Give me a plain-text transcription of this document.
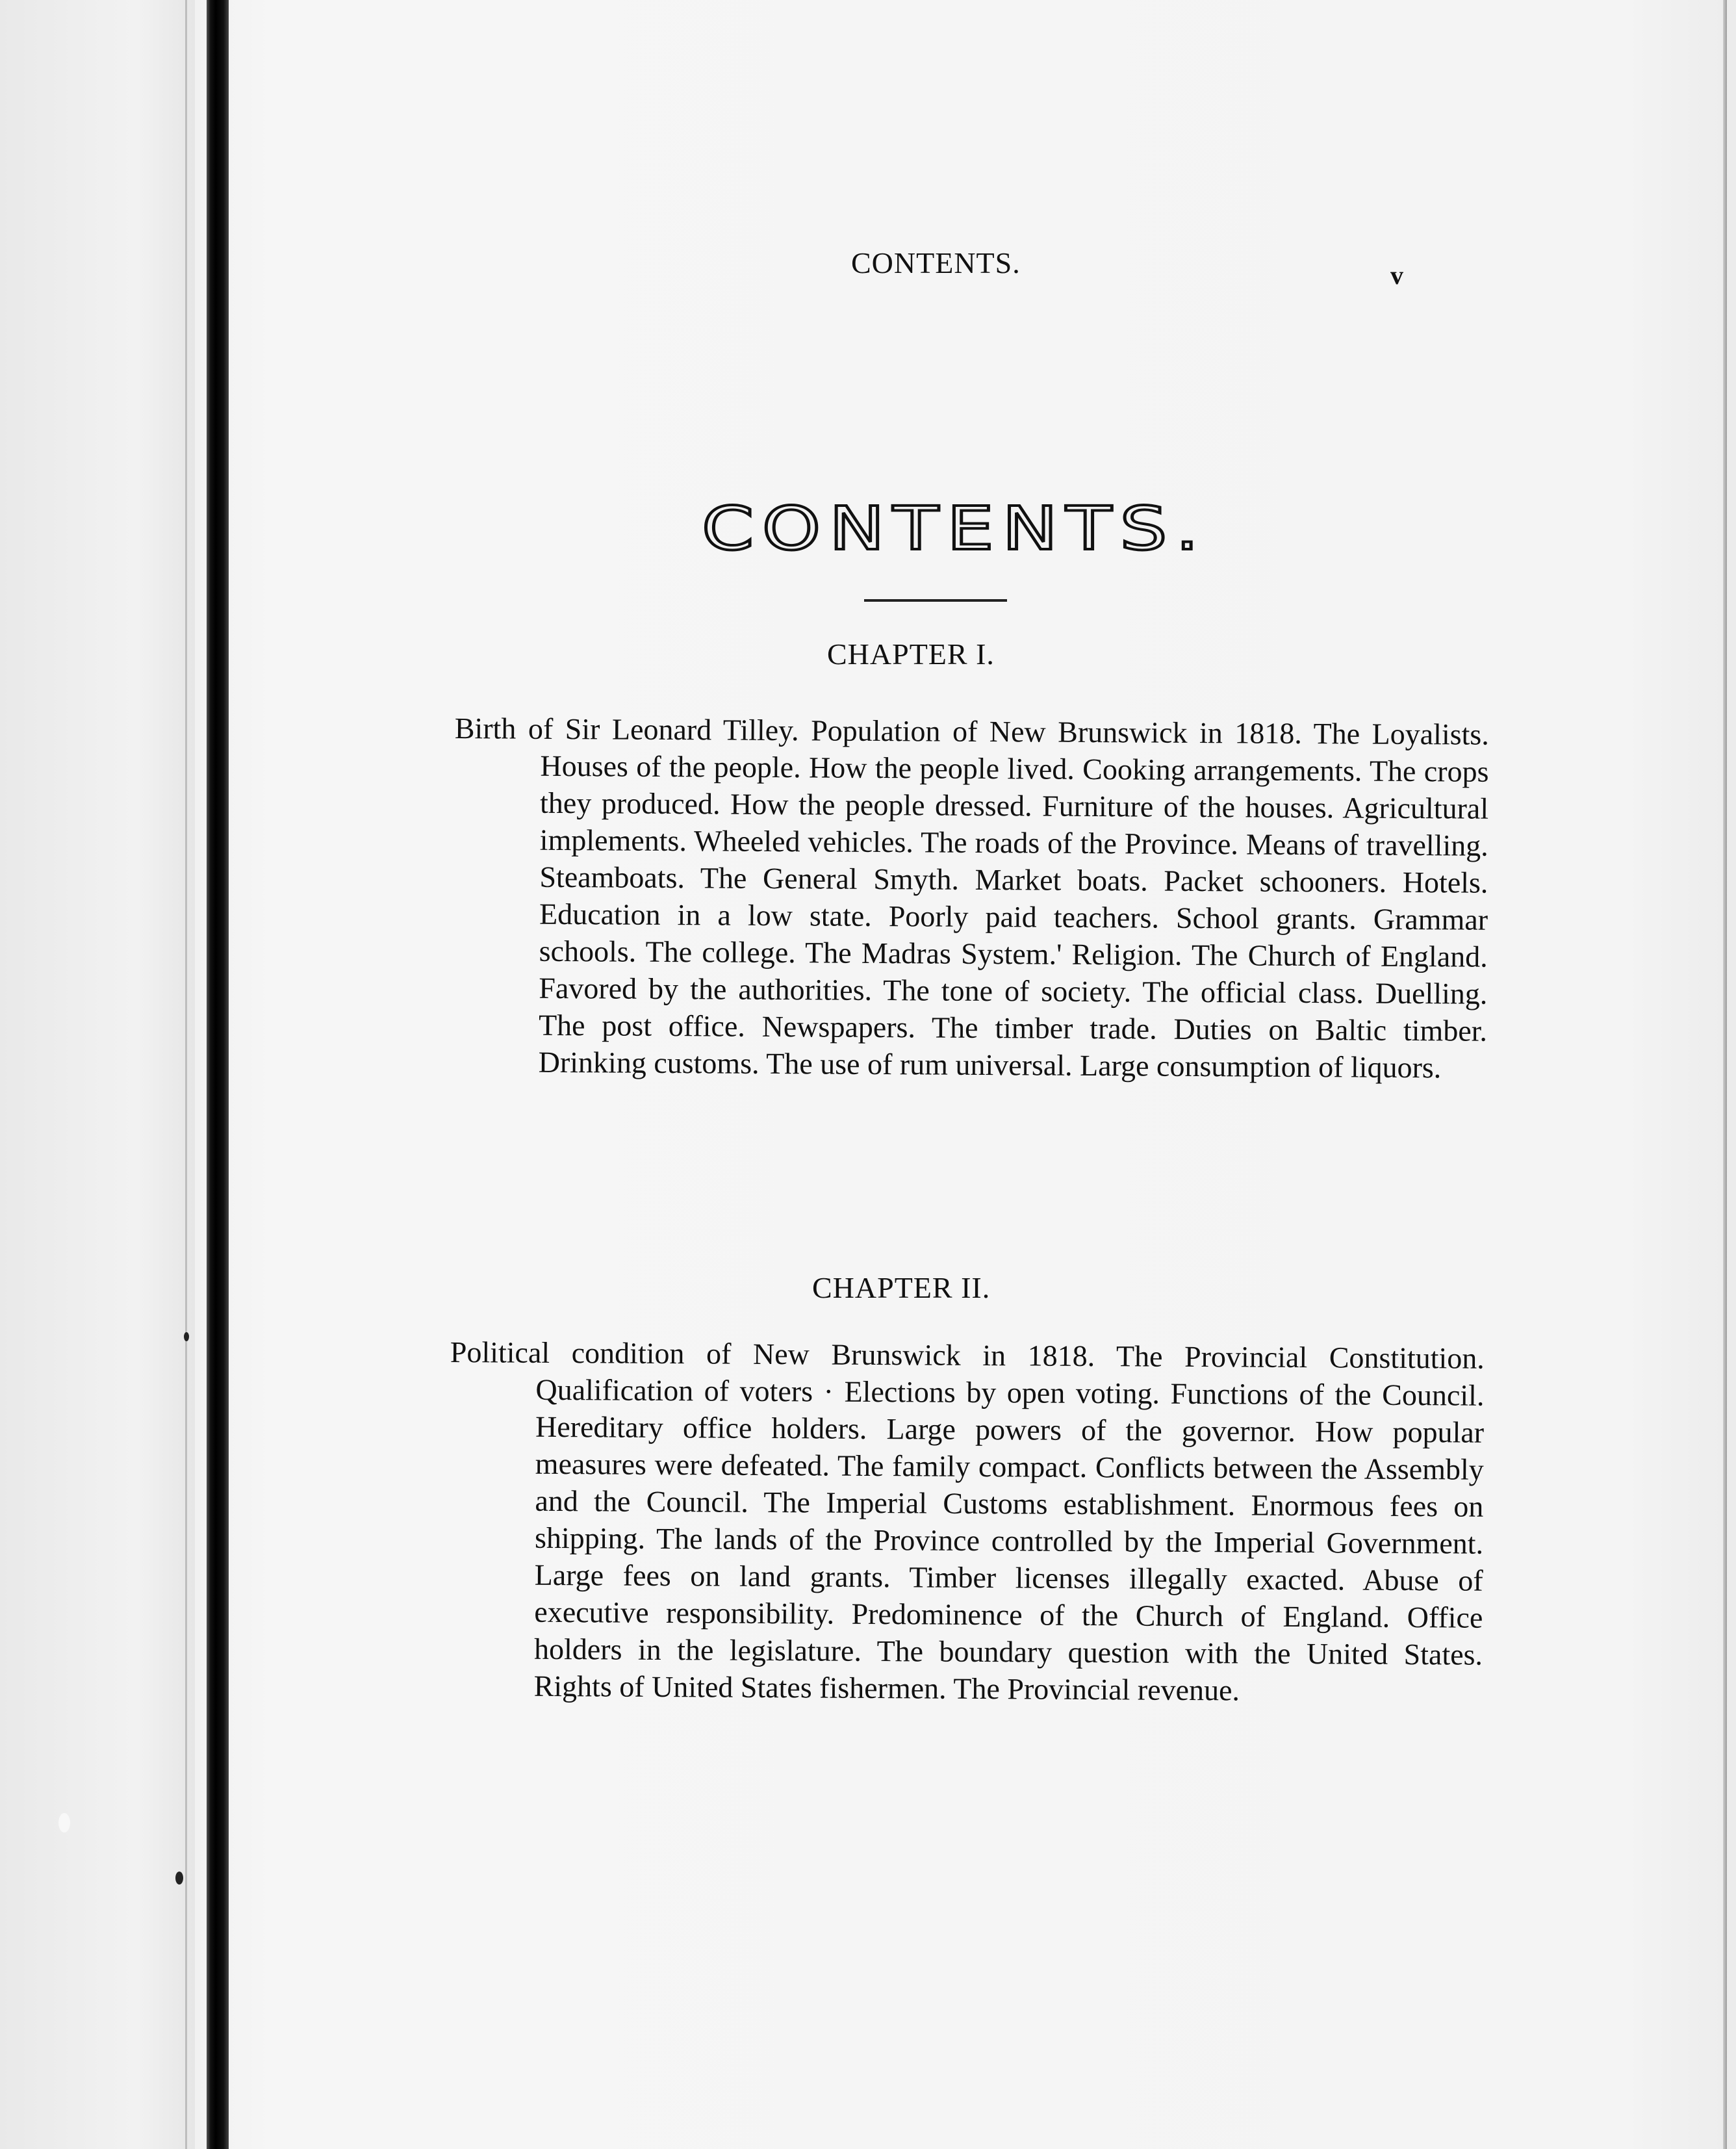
CONTENTS.	v
CONTENTS.
CHAPTER I.
Birth of Sir Leonard Tilley. Population of New Brunswick in 1818. The Loyalists. Houses of the people. How the people lived. Cooking arrangements. The crops they produced. How the people dressed. Furniture of the houses. Agricultural implements. Wheeled vehicles. The roads of the Province. Means of travelling. Steamboats. The General Smyth. Market boats. Packet schooners. Hotels. Education in a low state. Poorly paid teachers. School grants. Grammar schools. The college. The Madras System.' Religion. The Church of England. Favored by the authorities. The tone of society. The official class. Duelling. The post office. Newspapers. The timber trade. Duties on Baltic timber. Drinking customs. The use of rum universal. Large consumption of liquors.
CHAPTER II.
Political condition of New Brunswick in 1818. The Provincial Constitution. Qualification of voters · Elections by open voting. Functions of the Council. Hereditary office holders. Large powers of the governor. How popular measures were defeated. The family compact. Conflicts between the Assembly and the Council. The Imperial Customs establishment. Enormous fees on shipping. The lands of the Province controlled by the Imperial Government. Large fees on land grants. Timber licenses illegally exacted. Abuse of executive responsibility. Predominence of the Church of England. Office holders in the legislature. The boundary question with the United States. Rights of United States fishermen. The Provincial revenue.
